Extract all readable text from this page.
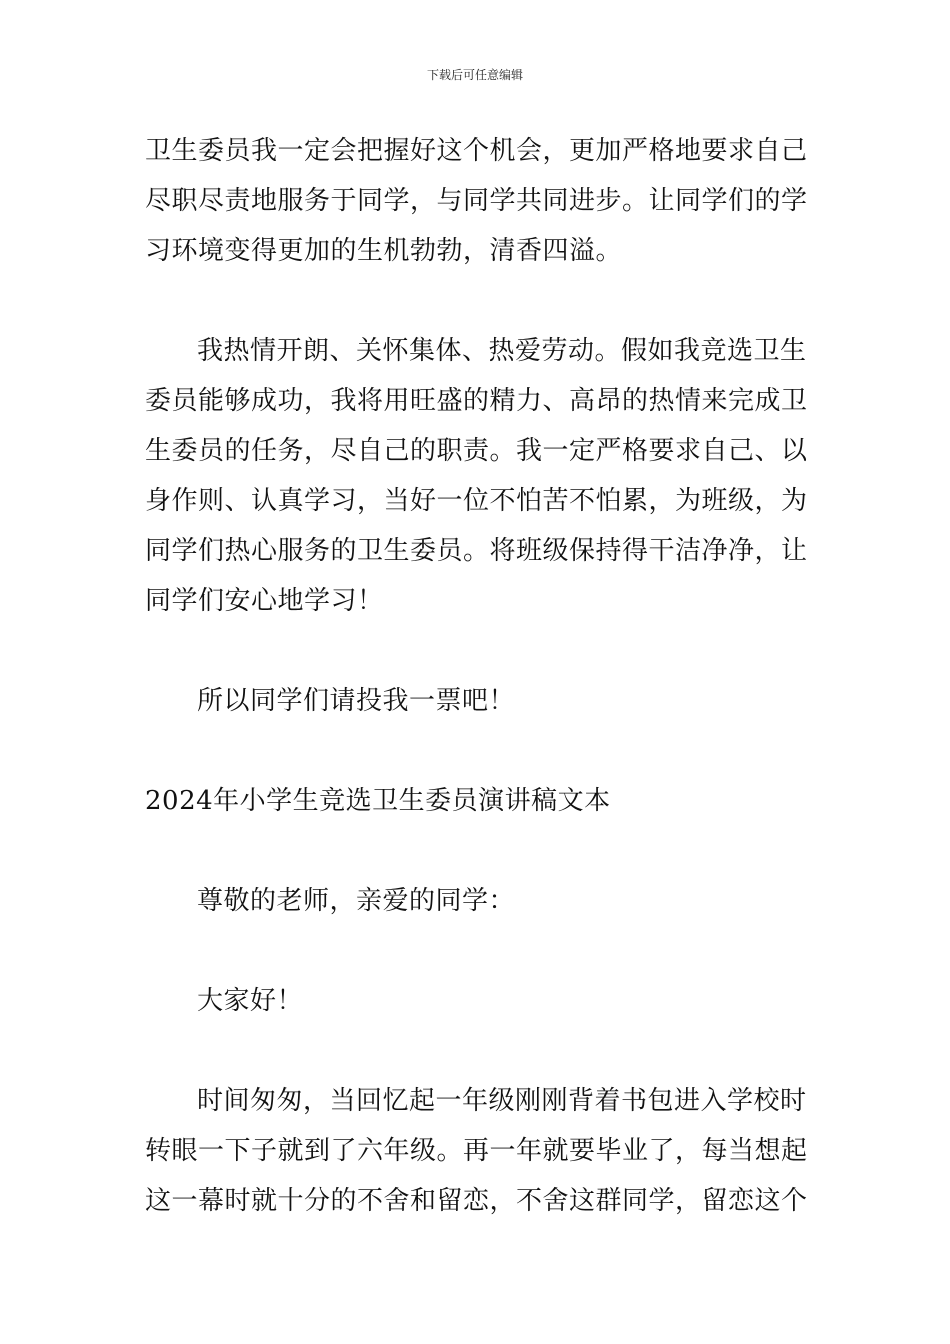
下载后可任意编辑
卫生委员我一定会把握好这个机会，更加严格地要求自己
尽职尽责地服务于同学，与同学共同进步。让同学们的学
习环境变得更加的生机勃勃，清香四溢。
我热情开朗、关怀集体、热爱劳动。假如我竞选卫生
委员能够成功，我将用旺盛的精力、高昂的热情来完成卫
生委员的任务，尽自己的职责。我一定严格要求自己、以
身作则、认真学习，当好一位不怕苦不怕累，为班级，为
同学们热心服务的卫生委员。将班级保持得干洁净净，让
同学们安心地学习！
所以同学们请投我一票吧！
2024年小学生竞选卫生委员演讲稿文本
尊敬的老师，亲爱的同学：
大家好！
时间匆匆，当回忆起一年级刚刚背着书包进入学校时
转眼一下子就到了六年级。再一年就要毕业了，每当想起
这一幕时就十分的不舍和留恋，不舍这群同学，留恋这个
